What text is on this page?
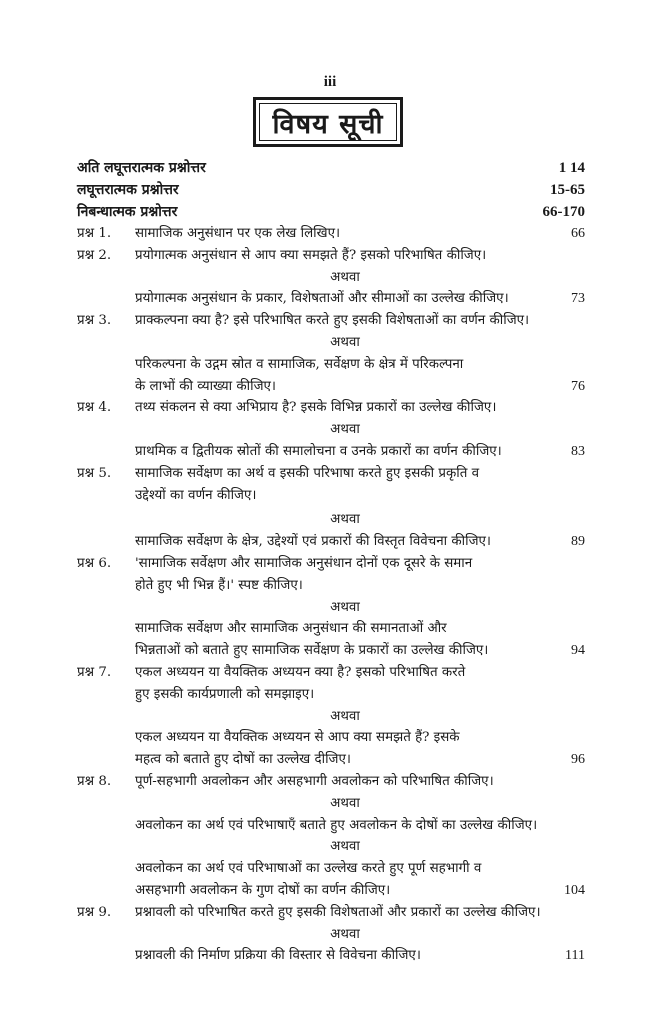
iii
विषय सूची
अति लघूत्तरात्मक प्रश्नोत्तर	1 14
लघूत्तरात्मक प्रश्नोत्तर	15-65
निबन्धात्मक प्रश्नोत्तर	66-170
प्रश्न 1.	सामाजिक अनुसंधान पर एक लेख लिखिए।	66
प्रश्न 2.	प्रयोगात्मक अनुसंधान से आप क्या समझते हैं? इसको परिभाषित कीजिए।
अथवा
प्रयोगात्मक अनुसंधान के प्रकार, विशेषताओं और सीमाओं का उल्लेख कीजिए।	73
प्रश्न 3.	प्राक्कल्पना क्या है? इसे परिभाषित करते हुए इसकी विशेषताओं का वर्णन कीजिए।
अथवा
परिकल्पना के उद्गम स्रोत व सामाजिक, सर्वेक्षण के क्षेत्र में परिकल्पना
के लाभों की व्याख्या कीजिए।	76
प्रश्न 4.	तथ्य संकलन से क्या अभिप्राय है? इसके विभिन्न प्रकारों का उल्लेख कीजिए।
अथवा
प्राथमिक व द्वितीयक स्रोतों की समालोचना व उनके प्रकारों का वर्णन कीजिए।	83
प्रश्न 5.	सामाजिक सर्वेक्षण का अर्थ व इसकी परिभाषा करते हुए इसकी प्रकृति व
उद्देश्यों का वर्णन कीजिए।
अथवा
सामाजिक सर्वेक्षण के क्षेत्र, उद्देश्यों एवं प्रकारों की विस्तृत विवेचना कीजिए।	89
प्रश्न 6.	'सामाजिक सर्वेक्षण और सामाजिक अनुसंधान दोनों एक दूसरे के समान
होते हुए भी भिन्न हैं।' स्पष्ट कीजिए।
अथवा
सामाजिक सर्वेक्षण और सामाजिक अनुसंधान की समानताओं और
भिन्नताओं को बताते हुए सामाजिक सर्वेक्षण के प्रकारों का उल्लेख कीजिए।	94
प्रश्न 7.	एकल अध्ययन या वैयक्तिक अध्ययन क्या है? इसको परिभाषित करते
हुए इसकी कार्यप्रणाली को समझाइए।
अथवा
एकल अध्ययन या वैयक्तिक अध्ययन से आप क्या समझते हैं? इसके
महत्व को बताते हुए दोषों का उल्लेख दीजिए।	96
प्रश्न 8.	पूर्ण-सहभागी अवलोकन और असहभागी अवलोकन को परिभाषित कीजिए।
अथवा
अवलोकन का अर्थ एवं परिभाषाएँ बताते हुए अवलोकन के दोषों का उल्लेख कीजिए।
अथवा
अवलोकन का अर्थ एवं परिभाषाओं का उल्लेख करते हुए पूर्ण सहभागी व
असहभागी अवलोकन के गुण दोषों का वर्णन कीजिए।	104
प्रश्न 9.	प्रश्नावली को परिभाषित करते हुए इसकी विशेषताओं और प्रकारों का उल्लेख कीजिए।
अथवा
प्रश्नावली की निर्माण प्रक्रिया की विस्तार से विवेचना कीजिए।	111
